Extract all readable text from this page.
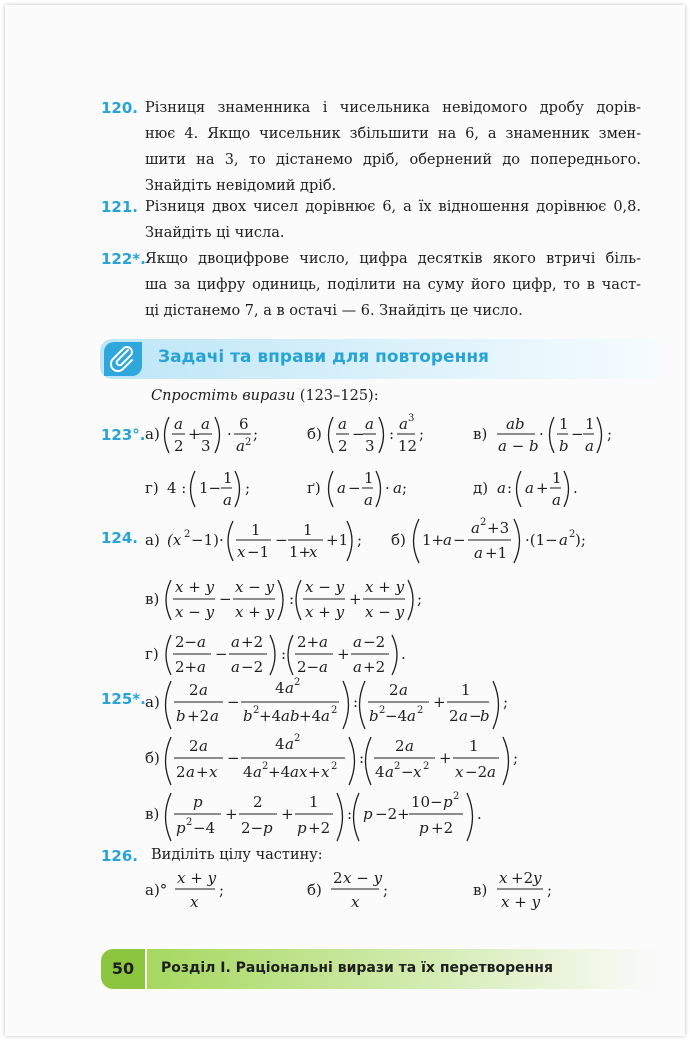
120. Різниця знаменника і чисельника невідомого дробу дорів-
нює 4. Якщо чисельник збільшити на 6, а знаменник змен-
шити на 3, то дістанемо дріб, обернений до попереднього.
Знайдіть невідомий дріб.
121. Різниця двох чисел дорівнює 6, а їх відношення дорівнює 0,8.
Знайдіть ці числа.
122*. Якщо двоцифрове число, цифра десятків якого втричі біль-
ша за цифру одиниць, поділити на суму його цифр, то в част-
ці дістанемо 7, а в остачі — 6. Знайдіть це число.
Задачі та вправи для повторення
Спростіть вирази (123–125):
123°.
124.
125*.
126. Виділіть цілу частину:
а)
a
2
+
a
3
·
6
a 2 ;	б)
a
2
−
a
3
:
a 3
12
;	в)
ab
a − b
·
1
b
−
1
a
;
г) 4 : 1−
1
a
;	ґ) a −
1
a
· a ;	д) a : a +
1
a
.
а) (x 2 −1)·
1
x −1
−
1
1+
x
+1 ; б) 1+
a −
a 2 +3
a +1
·(1− a 2 );
в)
x + y
x − y
−
x − y
x + y
:
x − y
x + y
+
x + y
x − y
;
г)
2− a
2+ a
−
a +2
a −2
:
2+ a
2− a
+
a −2
a +2
.
а)
2 a
b +2 a
−
4 a 2
b 2 +4 ab +4 a 2 :
2 a
b 2 −4 a 2 +
1
2 a −
b
;
б)
2 a
2 a + x
−
4 a 2
4 a 2 +4 ax + x 2 :
2 a
4 a 2 − x 2 +
1
x −2 a
;
в)
p
p 2 −4
+
2
2− p
+
1
p +2
: p −2+
10− p 2
p +2
.
а)°
x + y
x
;	б)
2 x − y
x
;	в)
x +2 y
x + y
;
50	Розділ I. Раціональні вирази та їх перетворення
